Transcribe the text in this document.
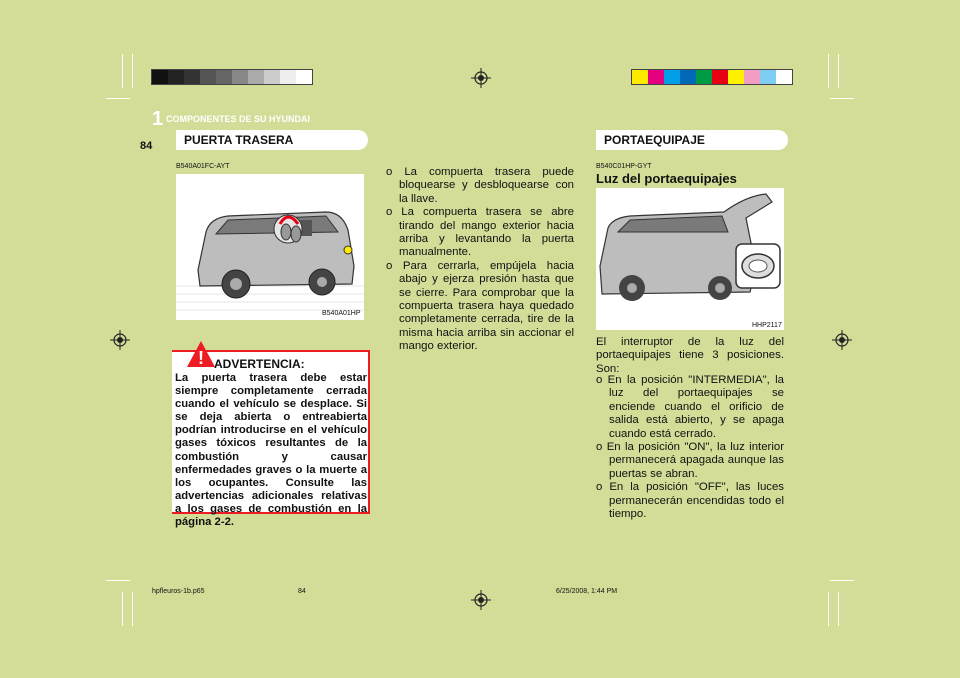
1 COMPONENTES DE SU HYUNDAI
84	PUERTA TRASERA	PORTAEQUIPAJE
B540A01FC-AYT
B540A01HP
! ADVERTENCIA:
La puerta trasera debe estar siempre completamente cerrada cuando el vehículo se desplace. Si se deja abierta o entreabierta podrían introducirse en el vehículo gases tóxicos resultantes de la combustión y causar enfermedades graves o la muerte a los ocupantes. Consulte las advertencias adicionales relativas a los gases de combustión en la página 2-2.
o La compuerta trasera puede bloquearse y desbloquearse con la llave.
o La compuerta trasera se abre tirando del mango exterior hacia arriba y levantando la puerta manualmente.
o Para cerrarla, empújela hacia abajo y ejerza presión hasta que se cierre. Para comprobar que la compuerta trasera haya quedado completamente cerrada, tire de la misma hacia arriba sin accionar el mango exterior.
B540C01HP-GYT
Luz del portaequipajes
HHP2117
El interruptor de la luz del portaequipajes tiene 3 posiciones. Son:
o En la posición "INTERMEDIA", la luz del portaequipajes se enciende cuando el orificio de salida está abierto, y se apaga cuando está cerrado.
o En la posición "ON", la luz interior permanecerá apagada aunque las puertas se abran.
o En la posición "OFF", las luces permanecerán encendidas todo el tiempo.
hpfleuros-1b.p65	84	6/25/2008, 1:44 PM
